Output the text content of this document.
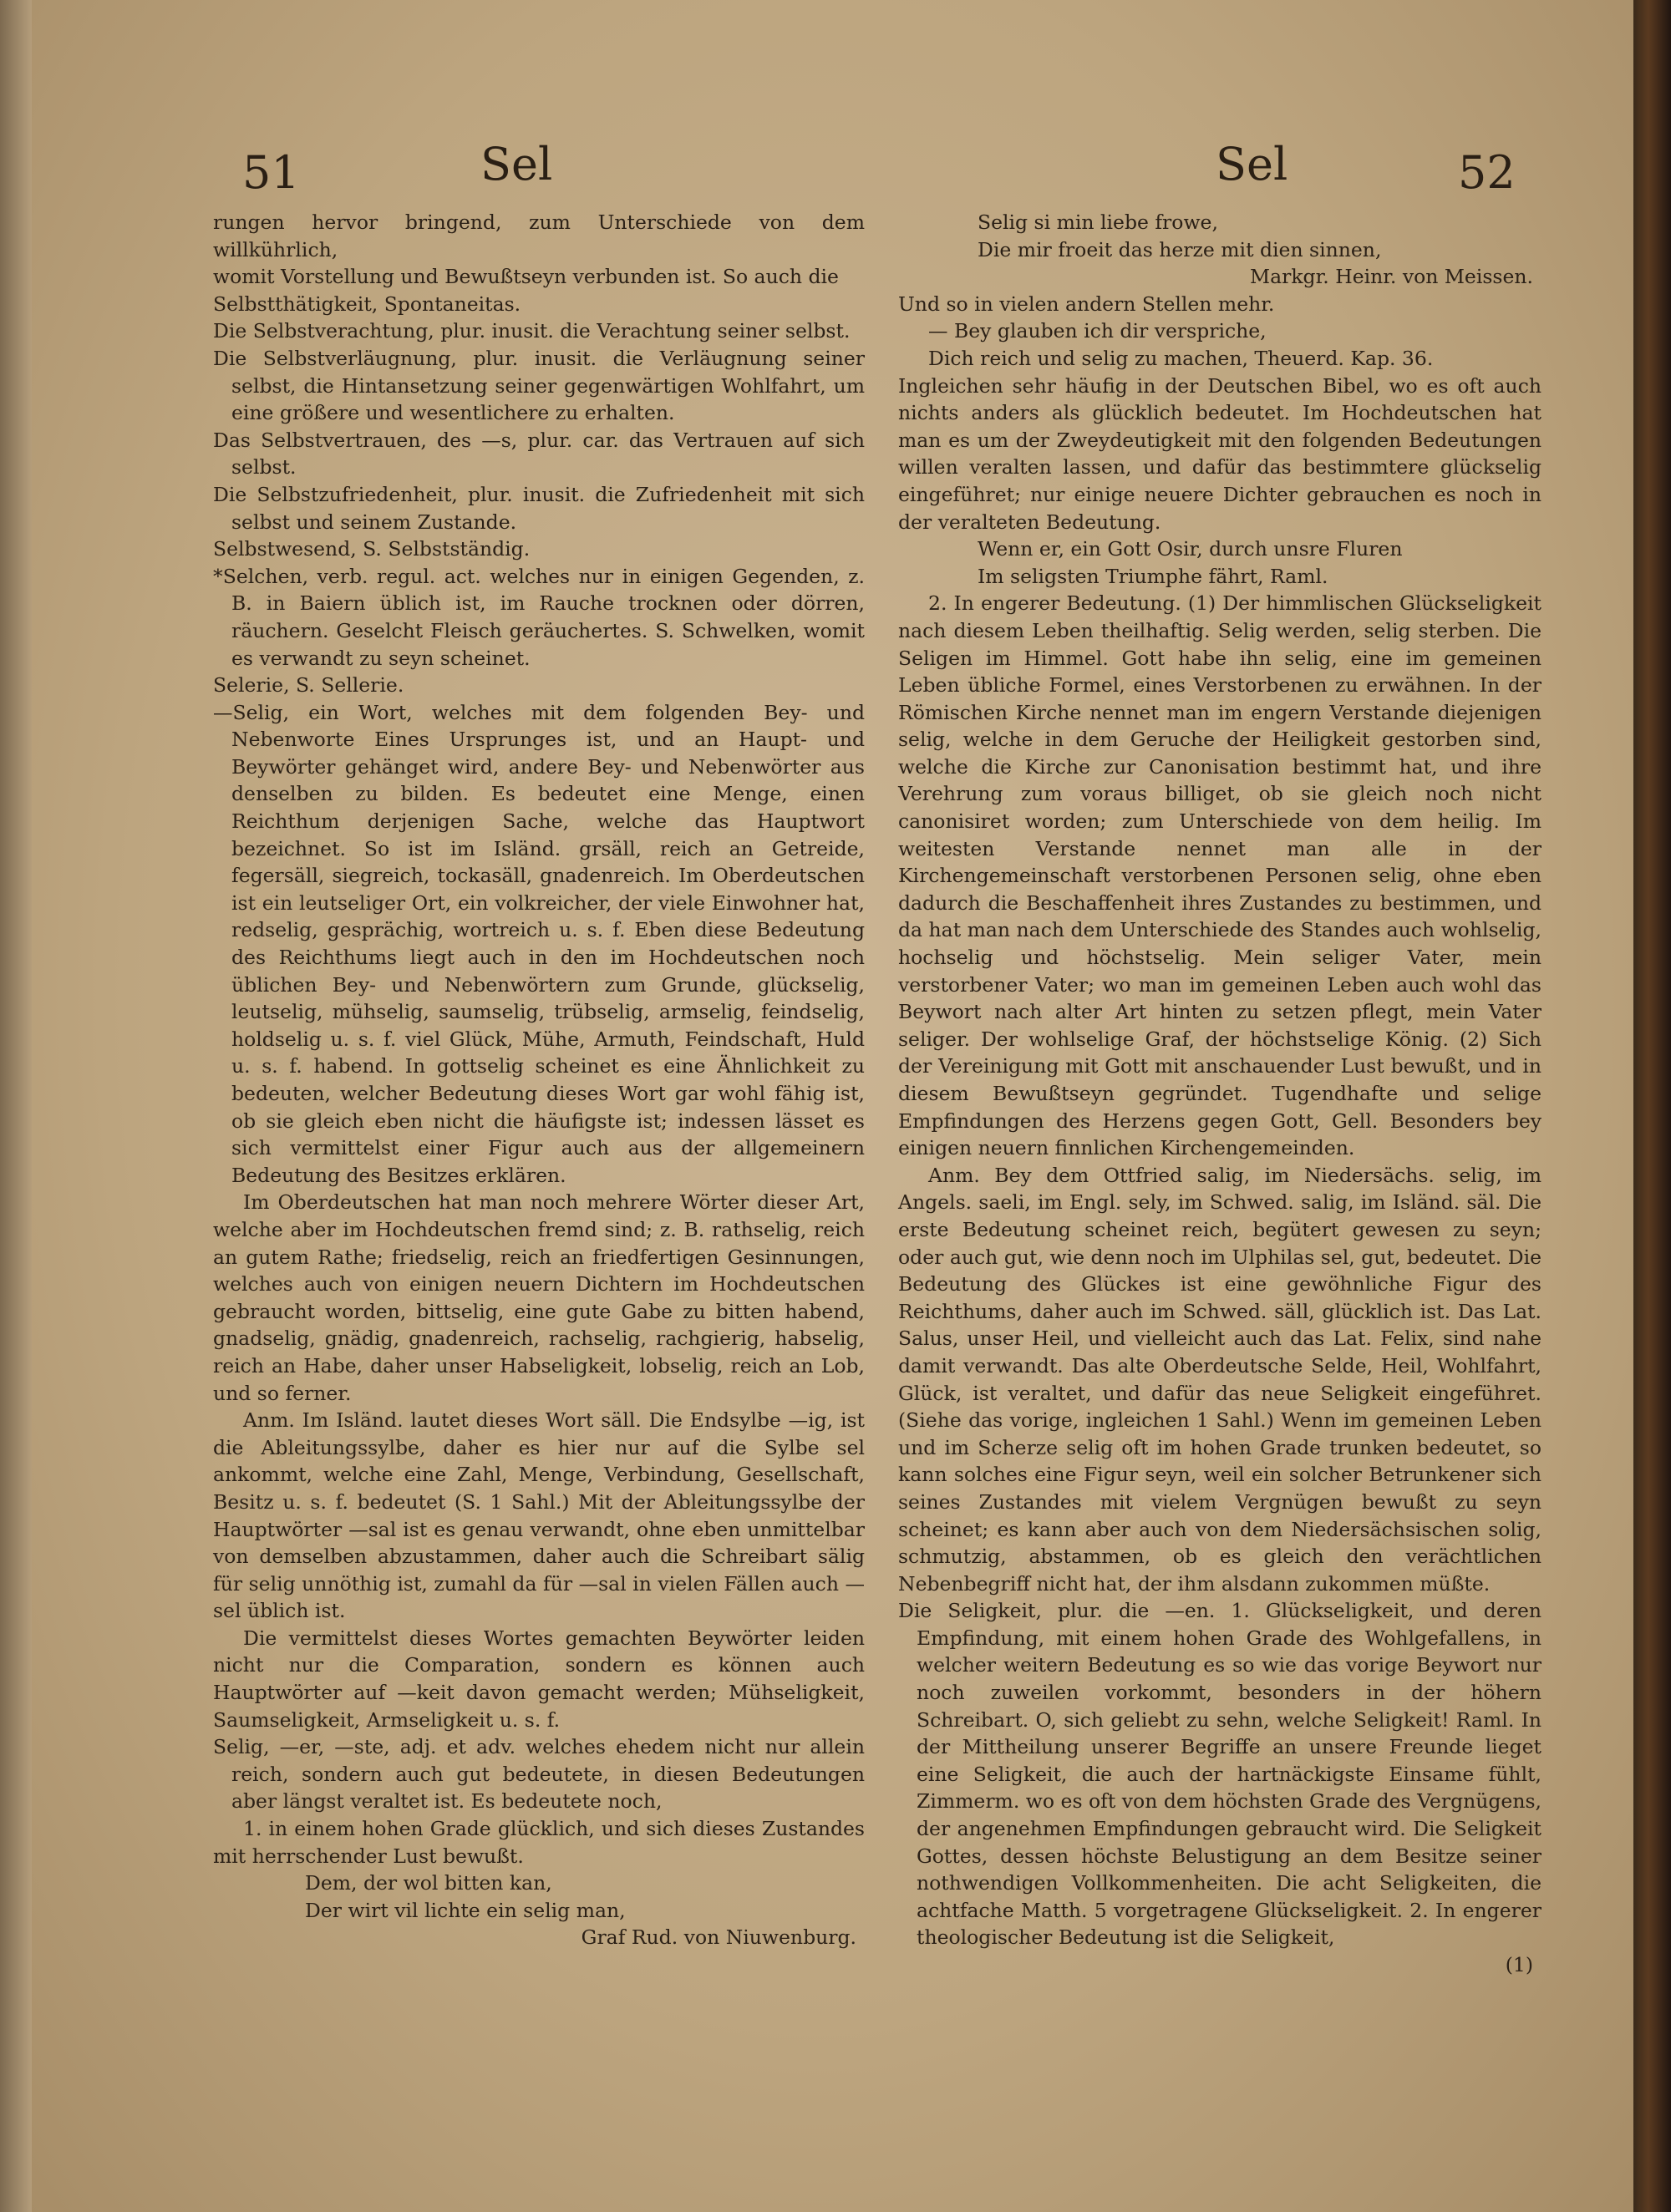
51	Sel	Sel	52

rungen hervor bringend, zum Unterschiede von dem willkührlich,

womit Vorstellung und Bewußtseyn verbunden ist. So auch die

Selbstthätigkeit, Spontaneitas.

Die Selbstverachtung, plur. inusit. die Verachtung seiner selbst.

Die Selbstverläugnung, plur. inusit. die Verläugnung seiner selbst, die Hintansetzung seiner gegenwärtigen Wohlfahrt, um eine größere und wesentlichere zu erhalten.

Das Selbstvertrauen, des —s, plur. car. das Vertrauen auf sich selbst.

Die Selbstzufriedenheit, plur. inusit. die Zufriedenheit mit sich selbst und seinem Zustande.

Selbstwesend, S. Selbstständig.

*Selchen, verb. regul. act. welches nur in einigen Gegenden, z. B. in Baiern üblich ist, im Rauche trocknen oder dörren, räuchern. Geselcht Fleisch geräuchertes. S. Schwelken, womit es verwandt zu seyn scheinet.

Selerie, S. Sellerie.

—Selig, ein Wort, welches mit dem folgenden Bey- und Nebenworte Eines Ursprunges ist, und an Haupt- und Beywörter gehänget wird, andere Bey- und Nebenwörter aus denselben zu bilden. Es bedeutet eine Menge, einen Reichthum derjenigen Sache, welche das Hauptwort bezeichnet. So ist im Isländ. grsäll, reich an Getreide, fegersäll, siegreich, tockasäll, gnadenreich. Im Oberdeutschen ist ein leutseliger Ort, ein volkreicher, der viele Einwohner hat, redselig, gesprächig, wortreich u. s. f. Eben diese Bedeutung des Reichthums liegt auch in den im Hochdeutschen noch üblichen Bey- und Nebenwörtern zum Grunde, glückselig, leutselig, mühselig, saumselig, trübselig, armselig, feindselig, holdselig u. s. f. viel Glück, Mühe, Armuth, Feindschaft, Huld u. s. f. habend. In gottselig scheinet es eine Ähnlichkeit zu bedeuten, welcher Bedeutung dieses Wort gar wohl fähig ist, ob sie gleich eben nicht die häufigste ist; indessen lässet es sich vermittelst einer Figur auch aus der allgemeinern Bedeutung des Besitzes erklären.

Im Oberdeutschen hat man noch mehrere Wörter dieser Art, welche aber im Hochdeutschen fremd sind; z. B. rathselig, reich an gutem Rathe; friedselig, reich an friedfertigen Gesinnungen, welches auch von einigen neuern Dichtern im Hochdeutschen gebraucht worden, bittselig, eine gute Gabe zu bitten habend, gnadselig, gnädig, gnadenreich, rachselig, rachgierig, habselig, reich an Habe, daher unser Habseligkeit, lobselig, reich an Lob, und so ferner.

Anm. Im Isländ. lautet dieses Wort säll. Die Endsylbe —ig, ist die Ableitungssylbe, daher es hier nur auf die Sylbe sel ankommt, welche eine Zahl, Menge, Verbindung, Gesellschaft, Besitz u. s. f. bedeutet (S. 1 Sahl.) Mit der Ableitungssylbe der Hauptwörter —sal ist es genau verwandt, ohne eben unmittelbar von demselben abzustammen, daher auch die Schreibart sälig für selig unnöthig ist, zumahl da für —sal in vielen Fällen auch —sel üblich ist.

Die vermittelst dieses Wortes gemachten Beywörter leiden nicht nur die Comparation, sondern es können auch Hauptwörter auf —keit davon gemacht werden; Mühseligkeit, Saumseligkeit, Armseligkeit u. s. f.

Selig, —er, —ste, adj. et adv. welches ehedem nicht nur allein reich, sondern auch gut bedeutete, in diesen Bedeutungen aber längst veraltet ist. Es bedeutete noch,

1. in einem hohen Grade glücklich, und sich dieses Zustandes mit herrschender Lust bewußt.

Dem, der wol bitten kan,

Der wirt vil lichte ein selig man,

Graf Rud. von Niuwenburg.

Selig si min liebe frowe,

Die mir froeit das herze mit dien sinnen,

Markgr. Heinr. von Meissen.

Und so in vielen andern Stellen mehr.

— Bey glauben ich dir verspriche,

Dich reich und selig zu machen, Theuerd. Kap. 36.

Ingleichen sehr häufig in der Deutschen Bibel, wo es oft auch nichts anders als glücklich bedeutet. Im Hochdeutschen hat man es um der Zweydeutigkeit mit den folgenden Bedeutungen willen veralten lassen, und dafür das bestimmtere glückselig eingeführet; nur einige neuere Dichter gebrauchen es noch in der veralteten Bedeutung.

Wenn er, ein Gott Osir, durch unsre Fluren

Im seligsten Triumphe fährt, Raml.

2. In engerer Bedeutung. (1) Der himmlischen Glückseligkeit nach diesem Leben theilhaftig. Selig werden, selig sterben. Die Seligen im Himmel. Gott habe ihn selig, eine im gemeinen Leben übliche Formel, eines Verstorbenen zu erwähnen. In der Römischen Kirche nennet man im engern Verstande diejenigen selig, welche in dem Geruche der Heiligkeit gestorben sind, welche die Kirche zur Canonisation bestimmt hat, und ihre Verehrung zum voraus billiget, ob sie gleich noch nicht canonisiret worden; zum Unterschiede von dem heilig. Im weitesten Verstande nennet man alle in der Kirchengemeinschaft verstorbenen Personen selig, ohne eben dadurch die Beschaffenheit ihres Zustandes zu bestimmen, und da hat man nach dem Unterschiede des Standes auch wohlselig, hochselig und höchstselig. Mein seliger Vater, mein verstorbener Vater; wo man im gemeinen Leben auch wohl das Beywort nach alter Art hinten zu setzen pflegt, mein Vater seliger. Der wohlselige Graf, der höchstselige König. (2) Sich der Vereinigung mit Gott mit anschauender Lust bewußt, und in diesem Bewußtseyn gegründet. Tugendhafte und selige Empfindungen des Herzens gegen Gott, Gell. Besonders bey einigen neuern finnlichen Kirchengemeinden.

Anm. Bey dem Ottfried salig, im Niedersächs. selig, im Angels. saeli, im Engl. sely, im Schwed. salig, im Isländ. säl. Die erste Bedeutung scheinet reich, begütert gewesen zu seyn; oder auch gut, wie denn noch im Ulphilas sel, gut, bedeutet. Die Bedeutung des Glückes ist eine gewöhnliche Figur des Reichthums, daher auch im Schwed. säll, glücklich ist. Das Lat. Salus, unser Heil, und vielleicht auch das Lat. Felix, sind nahe damit verwandt. Das alte Oberdeutsche Selde, Heil, Wohlfahrt, Glück, ist veraltet, und dafür das neue Seligkeit eingeführet. (Siehe das vorige, ingleichen 1 Sahl.) Wenn im gemeinen Leben und im Scherze selig oft im hohen Grade trunken bedeutet, so kann solches eine Figur seyn, weil ein solcher Betrunkener sich seines Zustandes mit vielem Vergnügen bewußt zu seyn scheinet; es kann aber auch von dem Niedersächsischen solig, schmutzig, abstammen, ob es gleich den verächtlichen Nebenbegriff nicht hat, der ihm alsdann zukommen müßte.

Die Seligkeit, plur. die —en. 1. Glückseligkeit, und deren Empfindung, mit einem hohen Grade des Wohlgefallens, in welcher weitern Bedeutung es so wie das vorige Beywort nur noch zuweilen vorkommt, besonders in der höhern Schreibart. O, sich geliebt zu sehn, welche Seligkeit! Raml. In der Mittheilung unserer Begriffe an unsere Freunde lieget eine Seligkeit, die auch der hartnäckigste Einsame fühlt, Zimmerm. wo es oft von dem höchsten Grade des Vergnügens, der angenehmen Empfindungen gebraucht wird. Die Seligkeit Gottes, dessen höchste Belustigung an dem Besitze seiner nothwendigen Vollkommenheiten. Die acht Seligkeiten, die achtfache Matth. 5 vorgetragene Glückseligkeit. 2. In engerer theologischer Bedeutung ist die Seligkeit,

(1)
